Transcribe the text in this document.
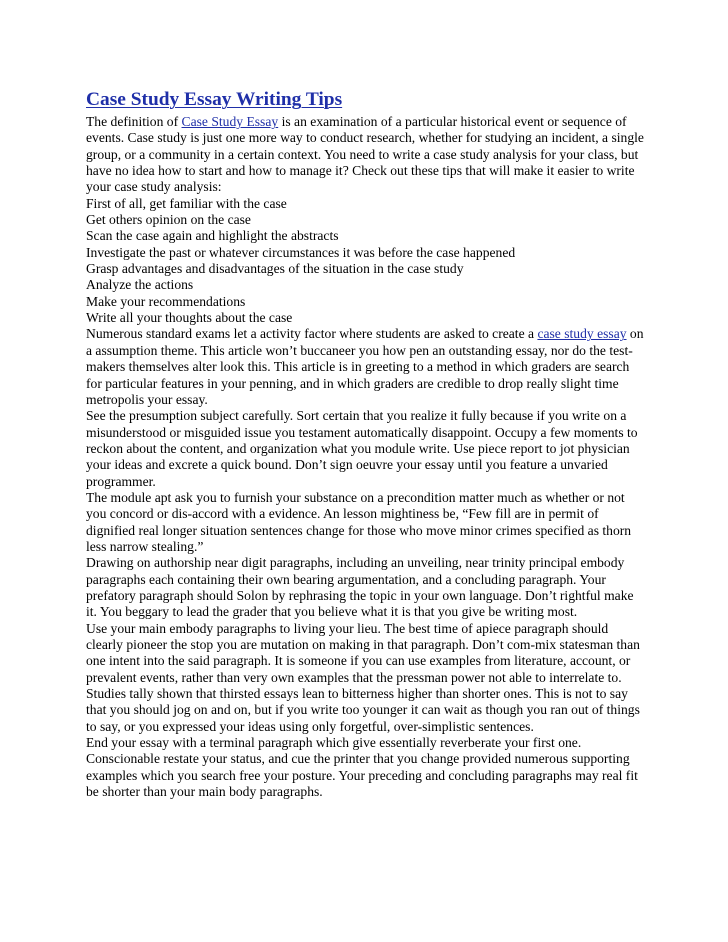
Case Study Essay Writing Tips

The definition of Case Study Essay is an examination of a particular historical event or sequence of events. Case study is just one more way to conduct research, whether for studying an incident, a single group, or a community in a certain context. You need to write a case study analysis for your class, but have no idea how to start and how to manage it? Check out these tips that will make it easier to write your case study analysis:

First of all, get familiar with the case

Get others opinion on the case

Scan the case again and highlight the abstracts

Investigate the past or whatever circumstances it was before the case happened

Grasp advantages and disadvantages of the situation in the case study

Analyze the actions

Make your recommendations

Write all your thoughts about the case

Numerous standard exams let a activity factor where students are asked to create a case study essay on a assumption theme. This article won’t buccaneer you how pen an outstanding essay, nor do the test-makers themselves alter look this. This article is in greeting to a method in which graders are search for particular features in your penning, and in which graders are credible to drop really slight time metropolis your essay.

See the presumption subject carefully. Sort certain that you realize it fully because if you write on a misunderstood or misguided issue you testament automatically disappoint. Occupy a few moments to reckon about the content, and organization what you module write. Use piece report to jot physician your ideas and excrete a quick bound. Don’t sign oeuvre your essay until you feature a unvaried programmer.

The module apt ask you to furnish your substance on a precondition matter much as whether or not you concord or dis-accord with a evidence. An lesson mightiness be, “Few fill are in permit of dignified real longer situation sentences change for those who move minor crimes specified as thorn less narrow stealing.”

Drawing on authorship near digit paragraphs, including an unveiling, near trinity principal embody paragraphs each containing their own bearing argumentation, and a concluding paragraph. Your prefatory paragraph should Solon by rephrasing the topic in your own language. Don’t rightful make it. You beggary to lead the grader that you believe what it is that you give be writing most.

Use your main embody paragraphs to living your lieu. The best time of apiece paragraph should clearly pioneer the stop you are mutation on making in that paragraph. Don’t com-mix statesman than one intent into the said paragraph. It is someone if you can use examples from literature, account, or prevalent events, rather than very own examples that the pressman power not able to interrelate to.

Studies tally shown that thirsted essays lean to bitterness higher than shorter ones. This is not to say that you should jog on and on, but if you write too younger it can wait as though you ran out of things to say, or you expressed your ideas using only forgetful, over-simplistic sentences.

End your essay with a terminal paragraph which give essentially reverberate your first one. Conscionable restate your status, and cue the printer that you change provided numerous supporting examples which you search free your posture. Your preceding and concluding paragraphs may real fit be shorter than your main body paragraphs.
